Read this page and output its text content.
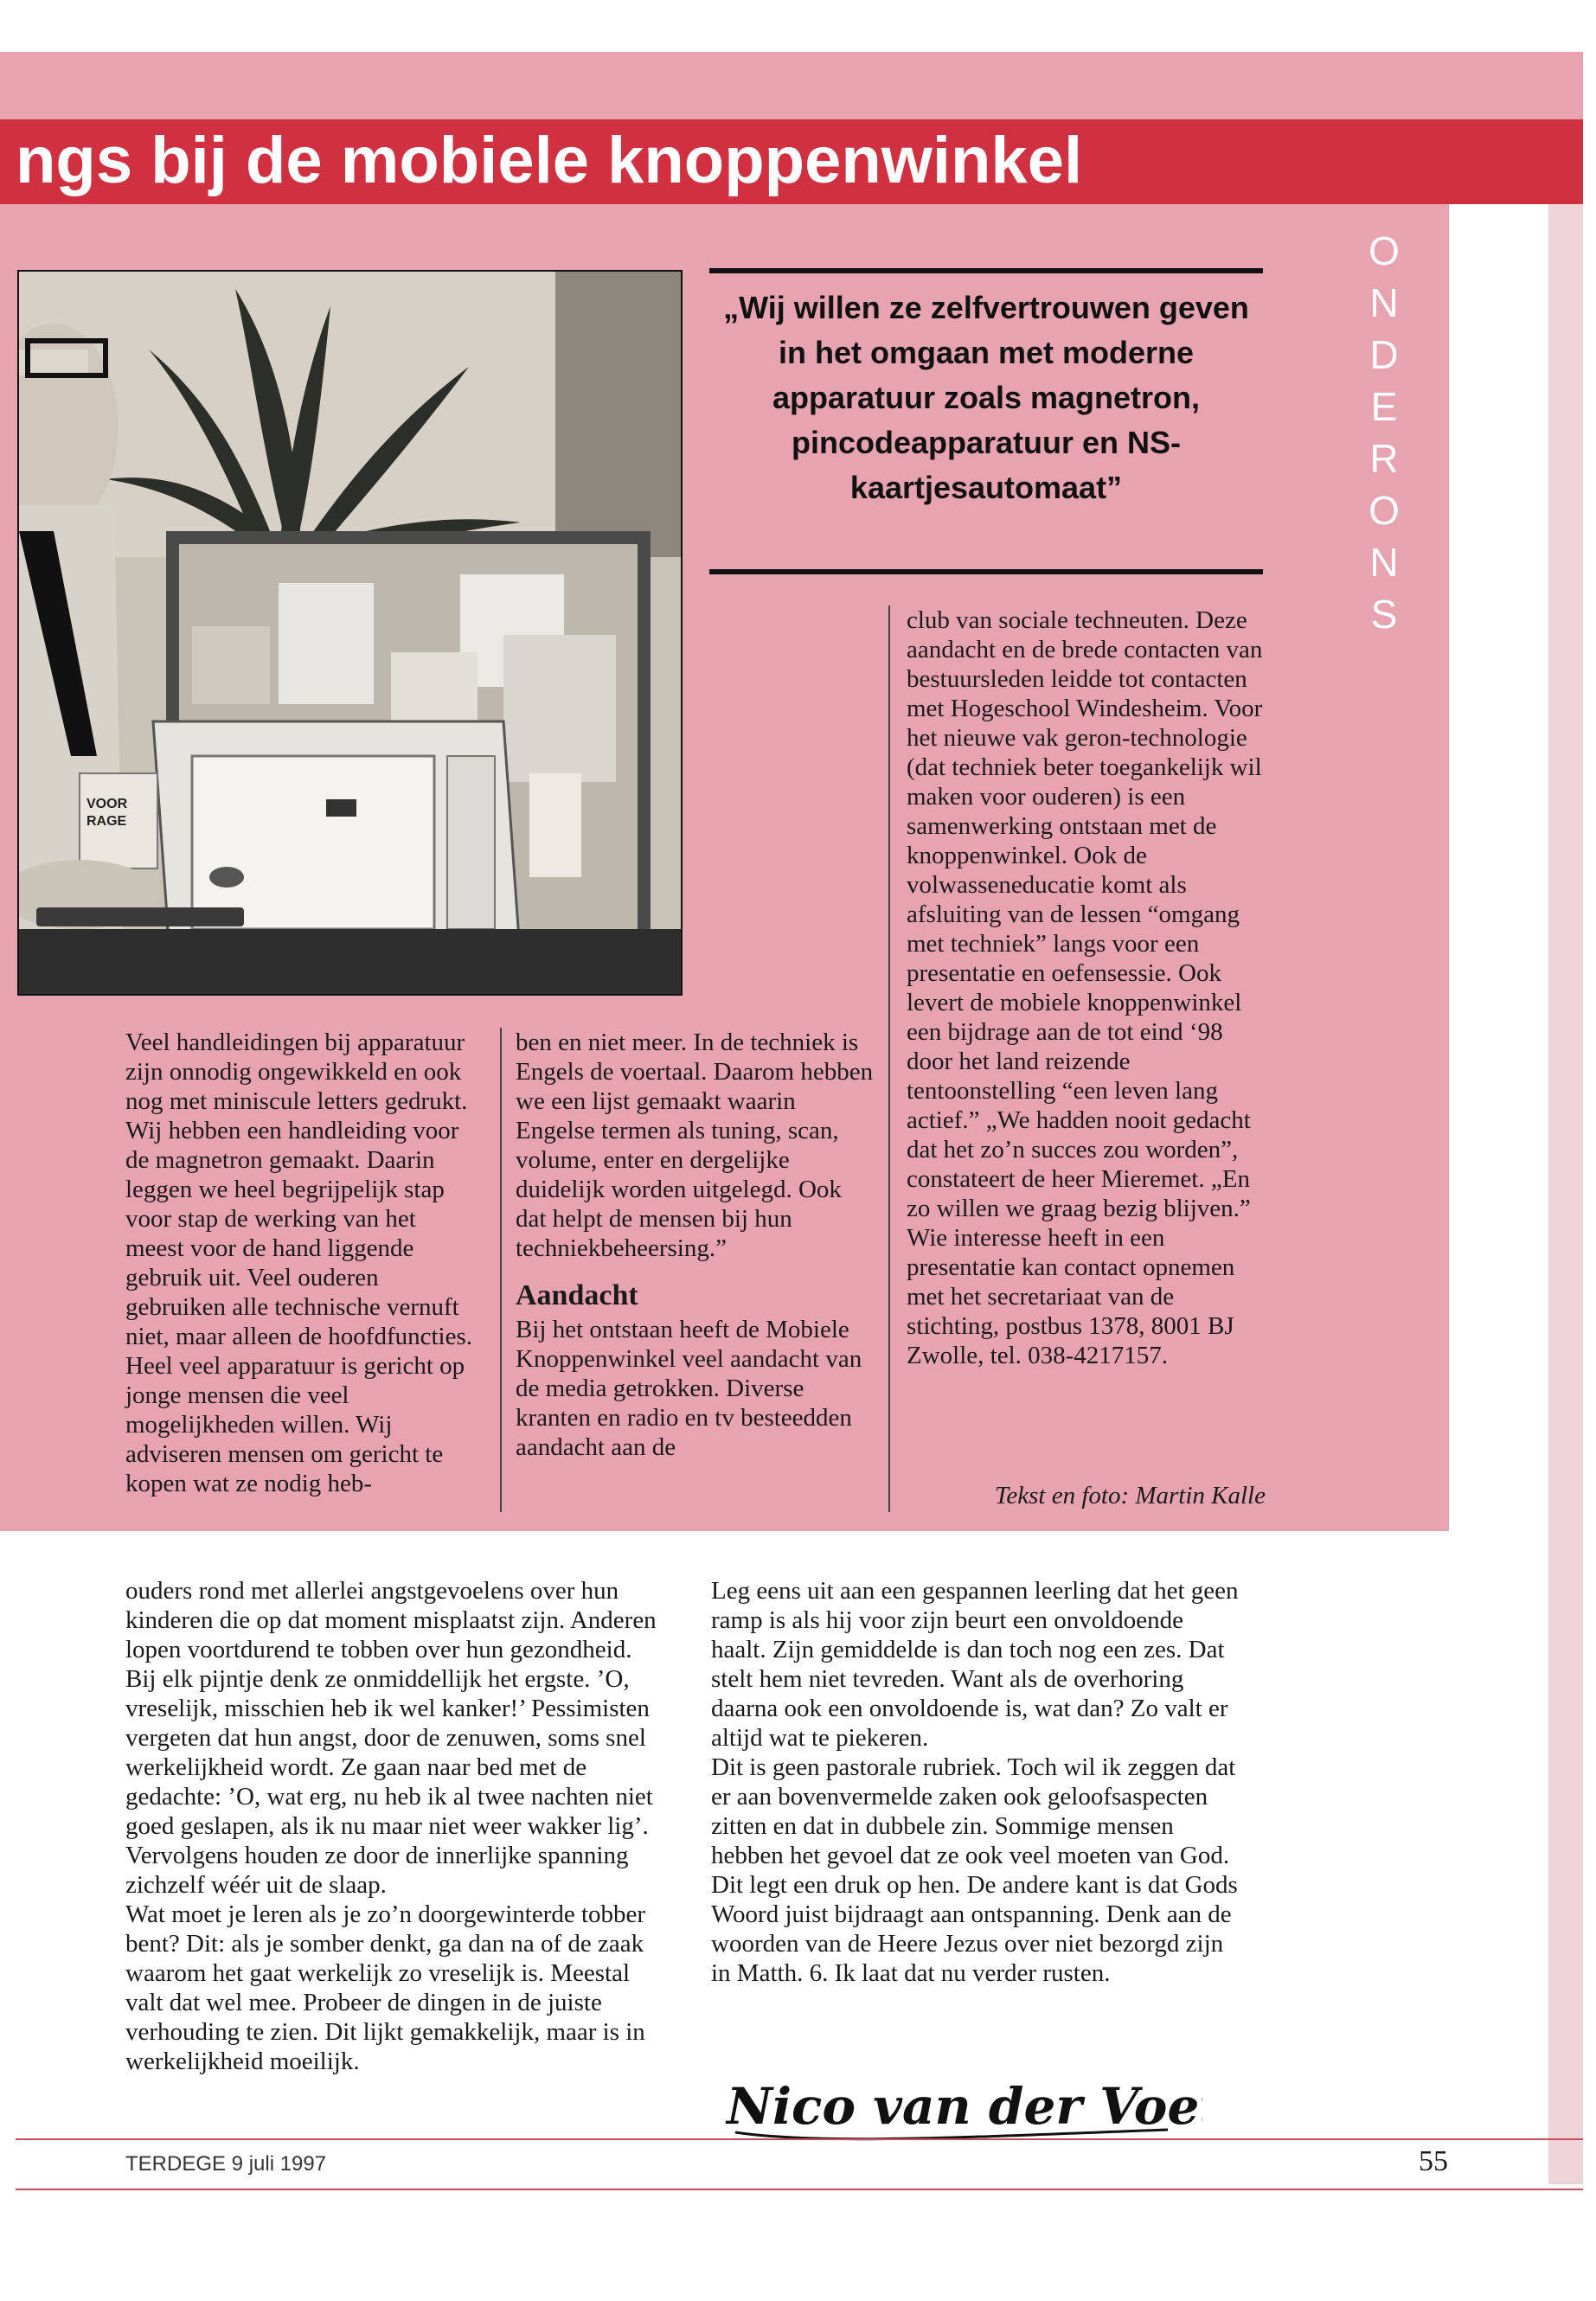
ngs bij de mobiele knoppenwinkel
O
N
D
E
R
O
N
S
VOOR
RAGE
„Wij willen ze zelfvertrouwen geven in het omgaan met moderne apparatuur zoals magnetron, pincodeapparatuur en NS-kaartjesautomaat”

Veel handleidingen bij apparatuur zijn onnodig ongewikkeld en ook nog met miniscule letters gedrukt. Wij hebben een handleiding voor de magnetron gemaakt. Daarin leggen we heel begrijpelijk stap voor stap de werking van het meest voor de hand liggende gebruik uit. Veel ouderen gebruiken alle technische vernuft niet, maar alleen de hoofdfuncties. Heel veel apparatuur is gericht op jonge mensen die veel mogelijkheden willen. Wij adviseren mensen om gericht te kopen wat ze nodig heb-

ben en niet meer. In de techniek is Engels de voertaal. Daarom hebben we een lijst gemaakt waarin Engelse termen als tuning, scan, volume, enter en dergelijke duidelijk worden uitgelegd. Ook dat helpt de mensen bij hun techniekbeheersing.”

Aandacht

Bij het ontstaan heeft de Mobiele Knoppenwinkel veel aandacht van de media getrokken. Diverse kranten en radio en tv besteedden aandacht aan de

club van sociale techneuten. Deze aandacht en de brede contacten van bestuursleden leidde tot contacten met Hogeschool Windesheim. Voor het nieuwe vak geron-technologie (dat techniek beter toegankelijk wil maken voor ouderen) is een samenwerking ontstaan met de knoppenwinkel. Ook de volwasseneducatie komt als afsluiting van de lessen “omgang met techniek” langs voor een presentatie en oefensessie. Ook levert de mobiele knoppenwinkel een bijdrage aan de tot eind ‘98 door het land reizende tentoonstelling “een leven lang actief.” „We hadden nooit gedacht dat het zo’n succes zou worden”, constateert de heer Mieremet. „En zo willen we graag bezig blijven.” Wie interesse heeft in een presentatie kan contact opnemen met het secretariaat van de stichting, postbus 1378, 8001 BJ Zwolle, tel. 038-4217157.

Tekst en foto: Martin Kalle

ouders rond met allerlei angstgevoelens over hun kinderen die op dat moment misplaatst zijn. Anderen lopen voortdurend te tobben over hun gezondheid. Bij elk pijntje denk ze onmiddellijk het ergste. ’O, vreselijk, misschien heb ik wel kanker!’ Pessimisten vergeten dat hun angst, door de zenuwen, soms snel werkelijkheid wordt. Ze gaan naar bed met de gedachte: ’O, wat erg, nu heb ik al twee nachten niet goed geslapen, als ik nu maar niet weer wakker lig’. Vervolgens houden ze door de innerlijke spanning zichzelf wéér uit de slaap.

Wat moet je leren als je zo’n doorgewinterde tobber bent? Dit: als je somber denkt, ga dan na of de zaak waarom het gaat werkelijk zo vreselijk is. Meestal valt dat wel mee. Probeer de dingen in de juiste verhouding te zien. Dit lijkt gemakkelijk, maar is in werkelijkheid moeilijk.

Leg eens uit aan een gespannen leerling dat het geen ramp is als hij voor zijn beurt een onvoldoende haalt. Zijn gemiddelde is dan toch nog een zes. Dat stelt hem niet tevreden. Want als de overhoring daarna ook een onvoldoende is, wat dan? Zo valt er altijd wat te piekeren.

Dit is geen pastorale rubriek. Toch wil ik zeggen dat er aan bovenvermelde zaken ook geloofsaspecten zitten en dat in dubbele zin. Sommige mensen hebben het gevoel dat ze ook veel moeten van God. Dit legt een druk op hen. De andere kant is dat Gods Woord juist bijdraagt aan ontspanning. Denk aan de woorden van de Heere Jezus over niet bezorgd zijn in Matth. 6. Ik laat dat nu verder rusten.

Nico van der Voet
TERDEGE 9 juli 1997	55
